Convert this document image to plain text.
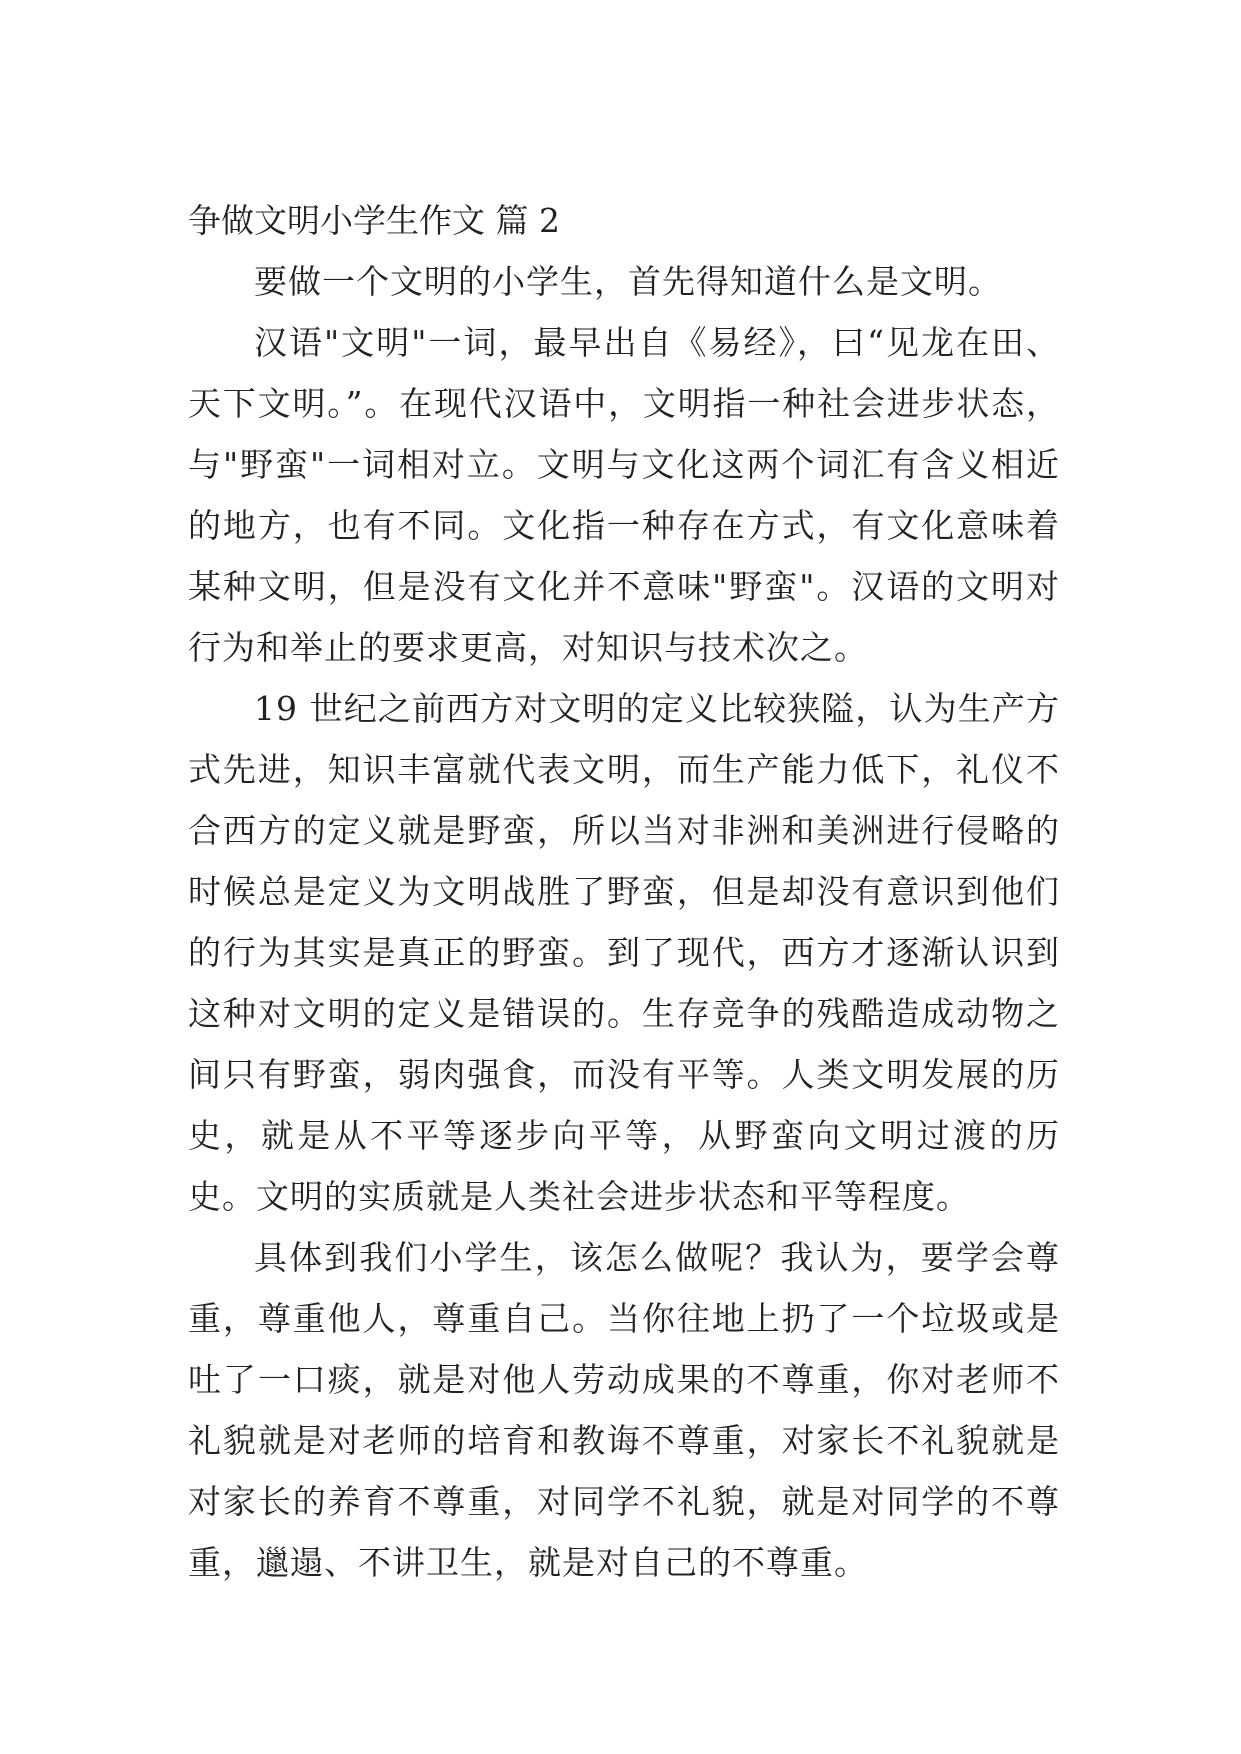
争做文明小学生作文 篇 2

要做一个文明的小学生，首先得知道什么是文明。

汉语"文明"一词，最早出自《易经》，曰“见龙在田、天下文明。”。在现代汉语中，文明指一种社会进步状态，与"野蛮"一词相对立。文明与文化这两个词汇有含义相近的地方，也有不同。文化指一种存在方式，有文化意味着某种文明，但是没有文化并不意味"野蛮"。汉语的文明对行为和举止的要求更高，对知识与技术次之。

19 世纪之前西方对文明的定义比较狭隘，认为生产方式先进，知识丰富就代表文明，而生产能力低下，礼仪不合西方的定义就是野蛮，所以当对非洲和美洲进行侵略的时候总是定义为文明战胜了野蛮，但是却没有意识到他们的行为其实是真正的野蛮。到了现代，西方才逐渐认识到这种对文明的定义是错误的。生存竞争的残酷造成动物之间只有野蛮，弱肉强食，而没有平等。人类文明发展的历史，就是从不平等逐步向平等，从野蛮向文明过渡的历史。文明的实质就是人类社会进步状态和平等程度。

具体到我们小学生，该怎么做呢？我认为，要学会尊重，尊重他人，尊重自己。当你往地上扔了一个垃圾或是吐了一口痰，就是对他人劳动成果的不尊重，你对老师不礼貌就是对老师的培育和教诲不尊重，对家长不礼貌就是对家长的养育不尊重，对同学不礼貌，就是对同学的不尊重，邋遢、不讲卫生，就是对自己的不尊重。
